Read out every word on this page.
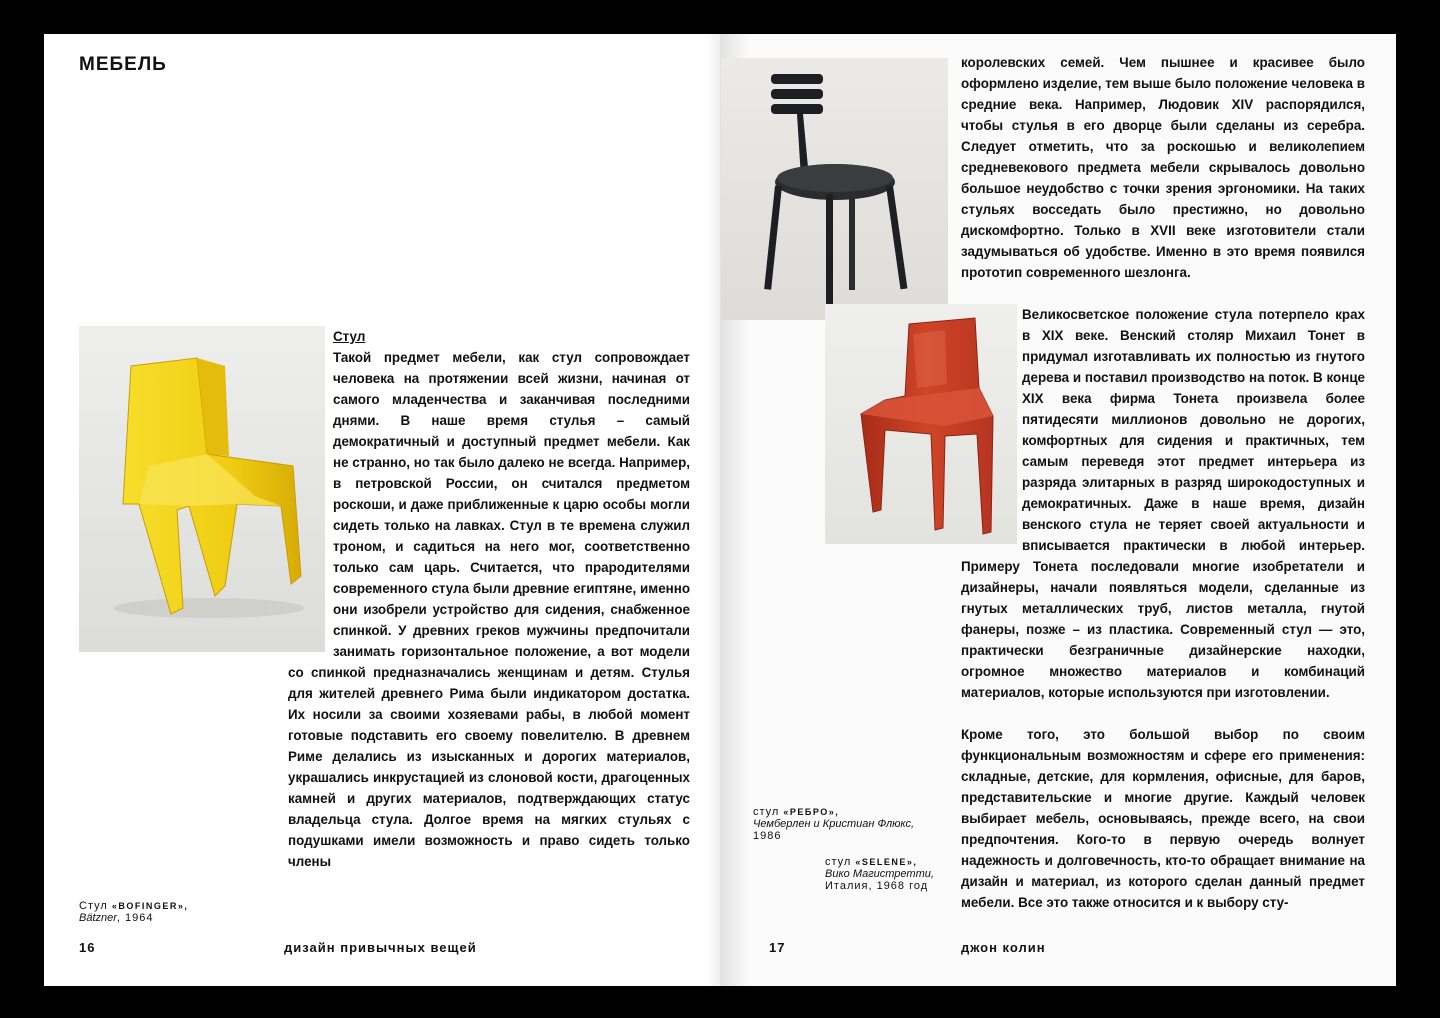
МЕБЕЛЬ

Стул

Такой предмет мебели, как стул сопровождает человека на протяжении всей жизни, начиная от самого младенчества и заканчивая последними днями. В наше время стулья – самый демократичный и доступный предмет мебели. Как не странно, но так было далеко не всегда. Например, в петровской России, он считался предметом роскоши, и даже приближенные к царю особы могли сидеть только на лавках. Стул в те времена служил троном, и садиться на него мог, соответственно только сам царь. Считается, что прародителями современного стула были древние египтяне, именно они изобрели устройство для сидения, снабженное спинкой. У древних греков мужчины предпочитали занимать горизонтальное положение, а вот модели со спинкой предназначались женщинам и детям. Стулья для жителей древнего Рима были индикатором достатка. Их носили за своими хозяевами рабы, в любой момент готовые подставить его своему повелителю. В древнем Риме делались из изысканных и дорогих материалов, украшались инкрустацией из слоновой кости, драгоценных камней и других материалов, подтверждающих статус владельца стула. Долгое время на мягких стульях с подушками имели возможность и право сидеть только члены

Стул «BOFINGER»,
Bätzner, 1964
16	дизайн привычных вещей

королевских семей. Чем пышнее и красивее было оформлено изделие, тем выше было положение человека в средние века. Например, Людовик XIV распорядился, чтобы стулья в его дворце были сделаны из серебра. Следует отметить, что за роскошью и великолепием средневекового предмета мебели скрывалось довольно большое неудобство с точки зрения эргономики. На таких стульях восседать было престижно, но довольно дискомфортно. Только в XVII веке изготовители стали задумываться об удобстве. Именно в это время появился прототип современного шезлонга.

Великосветское положение стула потерпело крах в XIX веке. Венский столяр Михаил Тонет в придумал изготавливать их полностью из гнутого дерева и поставил производство на поток. В конце XIX века фирма Тонета произвела более пятидесяти миллионов довольно не дорогих, комфортных для сидения и практичных, тем самым переведя этот предмет интерьера из разряда элитарных в разряд широкодоступных и демократичных. Даже в наше время, дизайн венского стула не теряет своей актуальности и вписывается практически в любой интерьер. Примеру Тонета последовали многие изобретатели и дизайнеры, начали появляться модели, сделанные из гнутых металлических труб, листов металла, гнутой фанеры, позже – из пластика. Современный стул — это, практически безграничные дизайнерские находки, огромное множество материалов и комбинаций материалов, которые используются при изготовлении.

Кроме того, это большой выбор по своим функциональным возможностям и сфере его применения: складные, детские, для кормления, офисные, для баров, представительские и многие другие. Каждый человек выбирает мебель, основываясь, прежде всего, на свои предпочтения. Кого-то в первую очередь волнует надежность и долговечность, кто-то обращает внимание на дизайн и материал, из которого сделан данный предмет мебели. Все это также относится и к выбору сту-

стул «РЕБРО»,
Чемберлен и Кристиан Флюкс,
1986
стул «SELENE»,
Вико Магистретти,
Италия, 1968 год
17	джон колин
